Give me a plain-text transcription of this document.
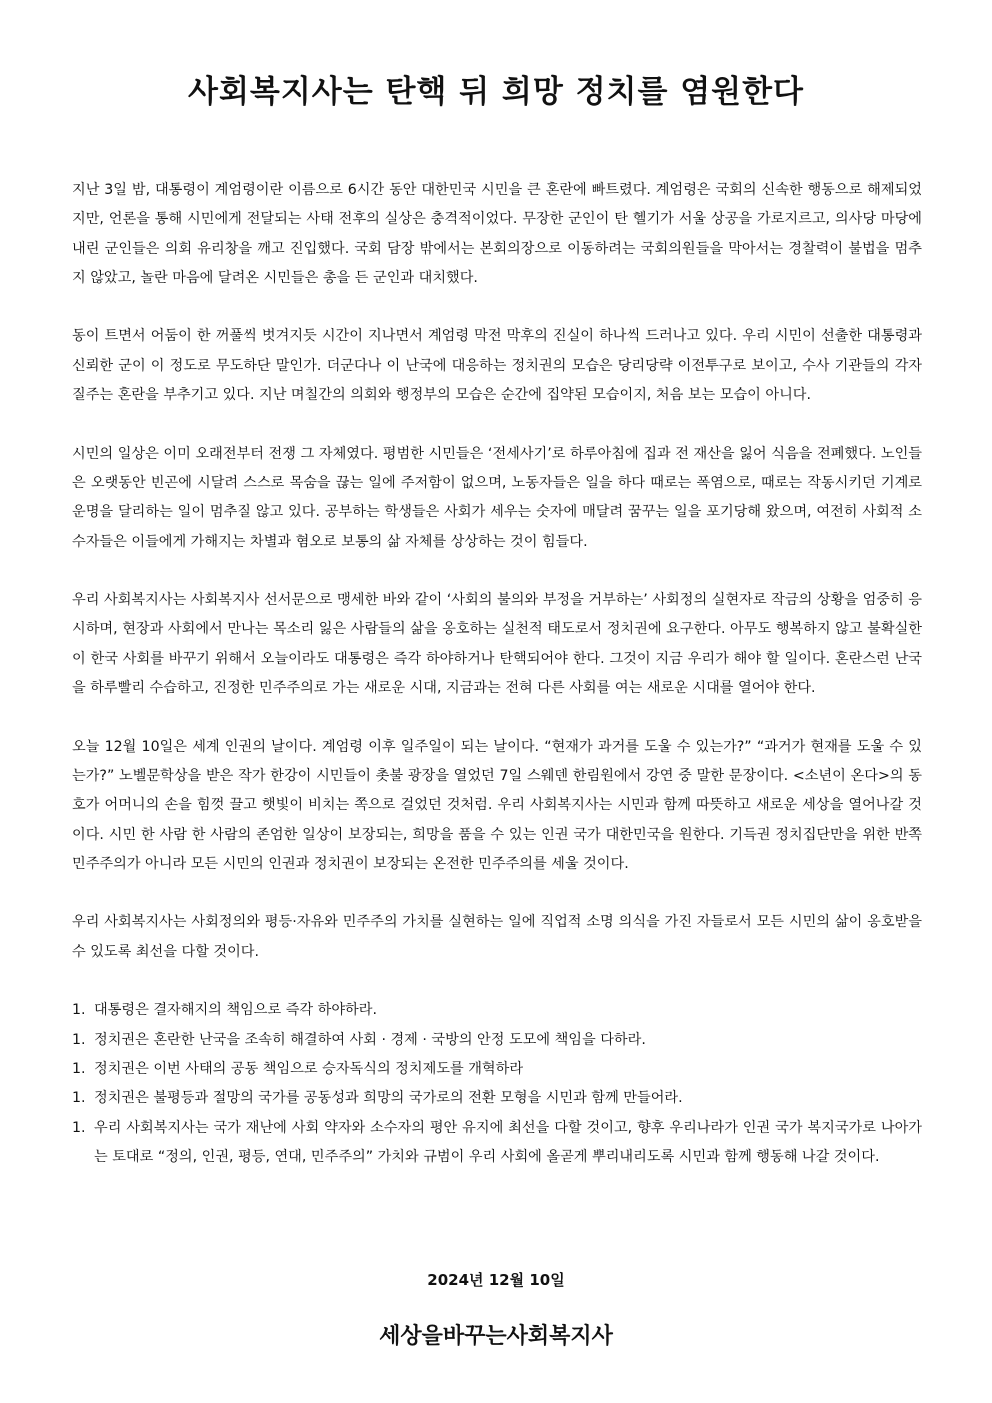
사회복지사는 탄핵 뒤 희망 정치를 염원한다

지난 3일 밤, 대통령이 계엄령이란 이름으로 6시간 동안 대한민국 시민을 큰 혼란에 빠트렸다. 계엄령은 국회의 신속한 행동으로 해제되었지만, 언론을 통해 시민에게 전달되는 사태 전후의 실상은 충격적이었다. 무장한 군인이 탄 헬기가 서울 상공을 가로지르고, 의사당 마당에 내린 군인들은 의회 유리창을 깨고 진입했다. 국회 담장 밖에서는 본회의장으로 이동하려는 국회의원들을 막아서는 경찰력이 불법을 멈추지 않았고, 놀란 마음에 달려온 시민들은 총을 든 군인과 대치했다.

동이 트면서 어둠이 한 꺼풀씩 벗겨지듯 시간이 지나면서 계엄령 막전 막후의 진실이 하나씩 드러나고 있다. 우리 시민이 선출한 대통령과 신뢰한 군이 이 정도로 무도하단 말인가. 더군다나 이 난국에 대응하는 정치권의 모습은 당리당략 이전투구로 보이고, 수사 기관들의 각자 질주는 혼란을 부추기고 있다. 지난 며칠간의 의회와 행정부의 모습은 순간에 집약된 모습이지, 처음 보는 모습이 아니다.

시민의 일상은 이미 오래전부터 전쟁 그 자체였다. 평범한 시민들은 ‘전세사기’로 하루아침에 집과 전 재산을 잃어 식음을 전폐했다. 노인들은 오랫동안 빈곤에 시달려 스스로 목숨을 끊는 일에 주저함이 없으며, 노동자들은 일을 하다 때로는 폭염으로, 때로는 작동시키던 기계로 운명을 달리하는 일이 멈추질 않고 있다. 공부하는 학생들은 사회가 세우는 숫자에 매달려 꿈꾸는 일을 포기당해 왔으며, 여전히 사회적 소수자들은 이들에게 가해지는 차별과 혐오로 보통의 삶 자체를 상상하는 것이 힘들다.

우리 사회복지사는 사회복지사 선서문으로 맹세한 바와 같이 ‘사회의 불의와 부정을 거부하는’ 사회정의 실현자로 작금의 상황을 엄중히 응시하며, 현장과 사회에서 만나는 목소리 잃은 사람들의 삶을 옹호하는 실천적 태도로서 정치권에 요구한다. 아무도 행복하지 않고 불확실한 이 한국 사회를 바꾸기 위해서 오늘이라도 대통령은 즉각 하야하거나 탄핵되어야 한다. 그것이 지금 우리가 해야 할 일이다. 혼란스런 난국을 하루빨리 수습하고, 진정한 민주주의로 가는 새로운 시대, 지금과는 전혀 다른 사회를 여는 새로운 시대를 열어야 한다.

오늘 12월 10일은 세계 인권의 날이다. 계엄령 이후 일주일이 되는 날이다. “현재가 과거를 도울 수 있는가?” “과거가 현재를 도울 수 있는가?” 노벨문학상을 받은 작가 한강이 시민들이 촛불 광장을 열었던 7일 스웨덴 한림원에서 강연 중 말한 문장이다. <소년이 온다>의 동호가 어머니의 손을 힘껏 끌고 햇빛이 비치는 쪽으로 걸었던 것처럼. 우리 사회복지사는 시민과 함께 따뜻하고 새로운 세상을 열어나갈 것이다. 시민 한 사람 한 사람의 존엄한 일상이 보장되는, 희망을 품을 수 있는 인권 국가 대한민국을 원한다. 기득권 정치집단만을 위한 반쪽 민주주의가 아니라 모든 시민의 인권과 정치권이 보장되는 온전한 민주주의를 세울 것이다.

우리 사회복지사는 사회정의와 평등·자유와 민주주의 가치를 실현하는 일에 직업적 소명 의식을 가진 자들로서 모든 시민의 삶이 옹호받을 수 있도록 최선을 다할 것이다.

1. 대통령은 결자해지의 책임으로 즉각 하야하라.
1. 정치권은 혼란한 난국을 조속히 해결하여 사회 · 경제 · 국방의 안정 도모에 책임을 다하라.
1. 정치권은 이번 사태의 공동 책임으로 승자독식의 정치제도를 개혁하라
1. 정치권은 불평등과 절망의 국가를 공동성과 희망의 국가로의 전환 모형을 시민과 함께 만들어라.
1. 우리 사회복지사는 국가 재난에 사회 약자와 소수자의 평안 유지에 최선을 다할 것이고, 향후 우리나라가 인권 국가 복지국가로 나아가는 토대로 “정의, 인권, 평등, 연대, 민주주의” 가치와 규범이 우리 사회에 올곧게 뿌리내리도록 시민과 함께 행동해 나갈 것이다.
2024년 12월 10일
세상을바꾸는사회복지사
